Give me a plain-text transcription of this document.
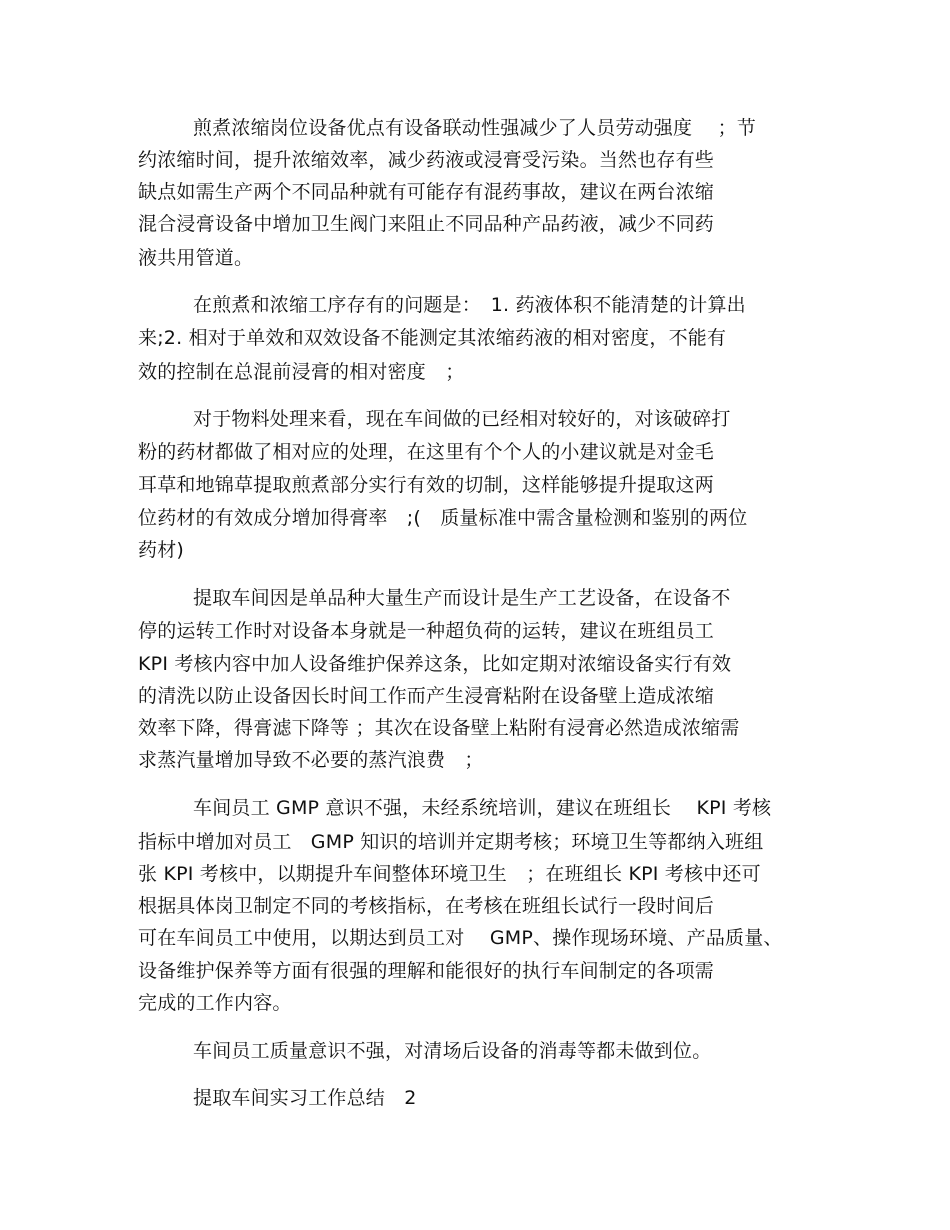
煎煮浓缩岗位设备优点有设备联动性强减少了人员劳动强度　 ；节
约浓缩时间，提升浓缩效率，减少药液或浸膏受污染。当然也存有些
缺点如需生产两个不同品种就有可能存有混药事故，建议在两台浓缩
混合浸膏设备中增加卫生阀门来阻止不同品种产品药液，减少不同药
液共用管道。
在煎煮和浓缩工序存有的问题是：　1. 药液体积不能清楚的计算出
来;2. 相对于单效和双效设备不能测定其浓缩药液的相对密度，不能有
效的控制在总混前浸膏的相对密度　；
对于物料处理来看，现在车间做的已经相对较好的，对该破碎打
粉的药材都做了相对应的处理，在这里有个个人的小建议就是对金毛
耳草和地锦草提取煎煮部分实行有效的切制，这样能够提升提取这两
位药材的有效成分增加得膏率　;(　质量标准中需含量检测和鉴别的两位
药材)
提取车间因是单品种大量生产而设计是生产工艺设备，在设备不
停的运转工作时对设备本身就是一种超负荷的运转，建议在班组员工
KPI 考核内容中加人设备维护保养这条，比如定期对浓缩设备实行有效
的清洗以防止设备因长时间工作而产生浸膏粘附在设备壁上造成浓缩
效率下降，得膏滤下降等 ；其次在设备壁上粘附有浸膏必然造成浓缩需
求蒸汽量增加导致不必要的蒸汽浪费　；
车间员工 GMP 意识不强，未经系统培训，建议在班组长　 KPI 考核
指标中增加对员工　GMP 知识的培训并定期考核；环境卫生等都纳入班组
张 KPI 考核中，以期提升车间整体环境卫生　；在班组长 KPI 考核中还可
根据具体岗卫制定不同的考核指标，在考核在班组长试行一段时间后
可在车间员工中使用，以期达到员工对　 GMP、操作现场环境、产品质量、
设备维护保养等方面有很强的理解和能很好的执行车间制定的各项需
完成的工作内容。
车间员工质量意识不强，对清场后设备的消毒等都未做到位。
提取车间实习工作总结　2
